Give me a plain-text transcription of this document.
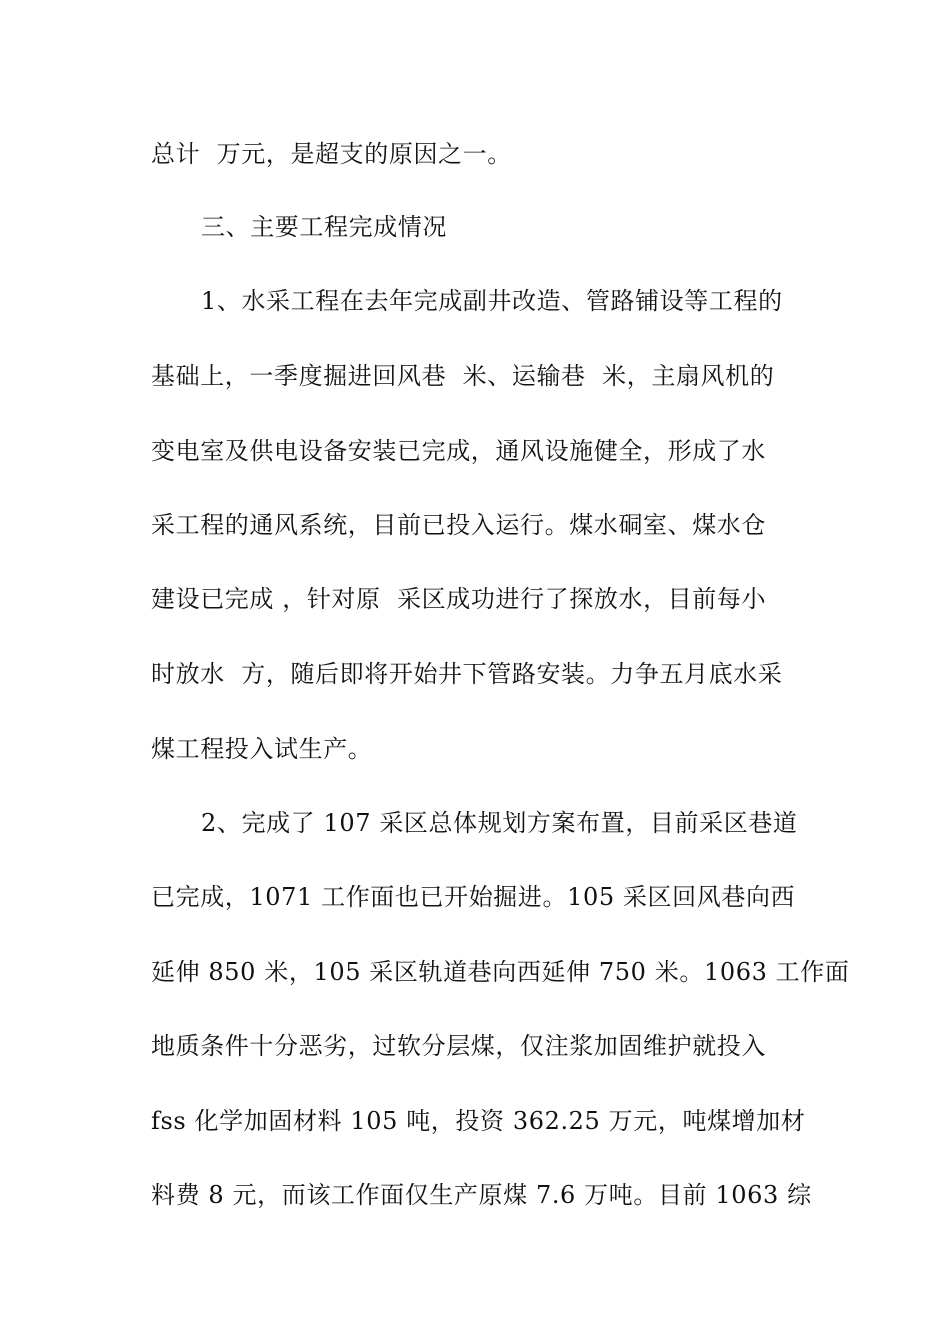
总计  万元，是超支的原因之一。
三、主要工程完成情况
1、水采工程在去年完成副井改造、管路铺设等工程的
基础上，一季度掘进回风巷  米、运输巷  米，主扇风机的
变电室及供电设备安装已完成，通风设施健全，形成了水
采工程的通风系统，目前已投入运行。煤水硐室、煤水仓
建设已完成 ，针对原  采区成功进行了探放水，目前每小
时放水  方，随后即将开始井下管路安装。力争五月底水采
煤工程投入试生产。
2、完成了 107 采区总体规划方案布置，目前采区巷道
已完成，1071 工作面也已开始掘进。105 采区回风巷向西
延伸 850 米，105 采区轨道巷向西延伸 750 米。1063 工作面
地质条件十分恶劣，过软分层煤，仅注浆加固维护就投入
fss 化学加固材料 105 吨，投资 362.25 万元，吨煤增加材
料费 8 元，而该工作面仅生产原煤 7.6 万吨。目前 1063 综
